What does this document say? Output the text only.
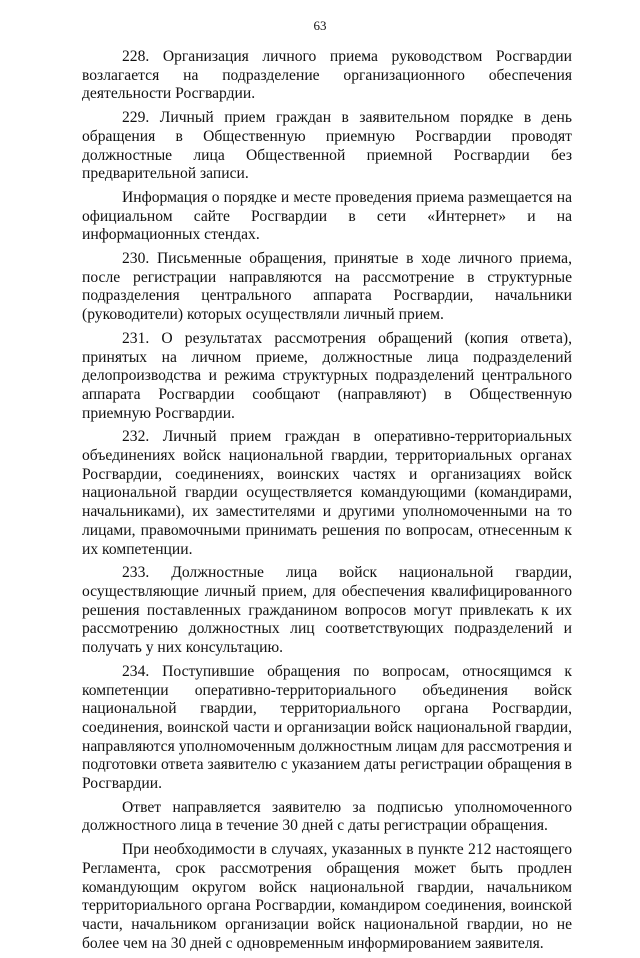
63

228. Организация личного приема руководством Росгвардии возлагается на подразделение организационного обеспечения деятельности Росгвардии.

229. Личный прием граждан в заявительном порядке в день обращения в Общественную приемную Росгвардии проводят должностные лица Общественной приемной Росгвардии без предварительной записи.

Информация о порядке и месте проведения приема размещается на официальном сайте Росгвардии в сети «Интернет» и на информационных стендах.

230. Письменные обращения, принятые в ходе личного приема, после регистрации направляются на рассмотрение в структурные подразделения центрального аппарата Росгвардии, начальники (руководители) которых осуществляли личный прием.

231. О результатах рассмотрения обращений (копия ответа), принятых на личном приеме, должностные лица подразделений делопроизводства и режима структурных подразделений центрального аппарата Росгвардии сообщают (направляют) в Общественную приемную Росгвардии.

232. Личный прием граждан в оперативно-территориальных объединениях войск национальной гвардии, территориальных органах Росгвардии, соединениях, воинских частях и организациях войск национальной гвардии осуществляется командующими (командирами, начальниками), их заместителями и другими уполномоченными на то лицами, правомочными принимать решения по вопросам, отнесенным к их компетенции.

233. Должностные лица войск национальной гвардии, осуществляющие личный прием, для обеспечения квалифицированного решения поставленных гражданином вопросов могут привлекать к их рассмотрению должностных лиц соответствующих подразделений и получать у них консультацию.

234. Поступившие обращения по вопросам, относящимся к компетенции оперативно-территориального объединения войск национальной гвардии, территориального органа Росгвардии, соединения, воинской части и организации войск национальной гвардии, направляются уполномоченным должностным лицам для рассмотрения и подготовки ответа заявителю с указанием даты регистрации обращения в Росгвардии.

Ответ направляется заявителю за подписью уполномоченного должностного лица в течение 30 дней с даты регистрации обращения.

При необходимости в случаях, указанных в пункте 212 настоящего Регламента, срок рассмотрения обращения может быть продлен командующим округом войск национальной гвардии, начальником территориального органа Росгвардии, командиром соединения, воинской части, начальником организации войск национальной гвардии, но не более чем на 30 дней с одновременным информированием заявителя.
